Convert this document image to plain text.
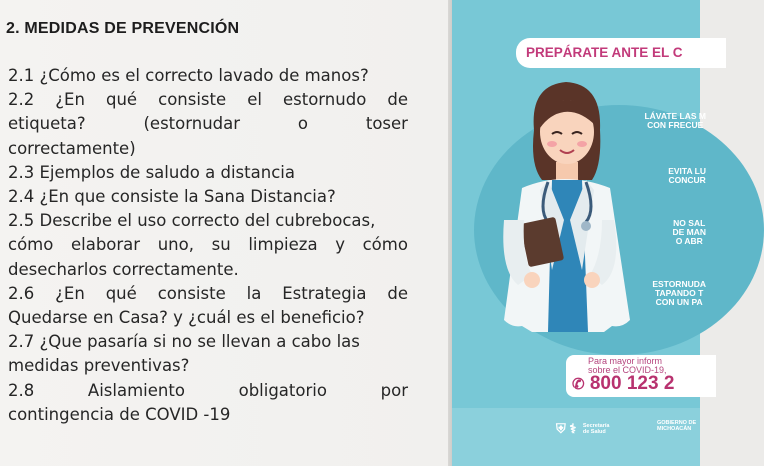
2. MEDIDAS DE PREVENCIÓN
2.1 ¿Cómo es el correcto lavado de manos?
2.2 ¿En qué consiste el estornudo de
etiqueta?	(estornudar	o	toser
correctamente)
2.3 Ejemplos de saludo a distancia
2.4 ¿En que consiste la Sana Distancia?
2.5 Describe el uso correcto del cubrebocas,
cómo elaborar uno, su limpieza y cómo
desecharlos correctamente.
2.6 ¿En qué consiste la Estrategia de
Quedarse en Casa? y ¿cuál es el beneficio?
2.7 ¿Que pasaría si no se llevan a cabo las
medidas preventivas?
2.8	Aislamiento	obligatorio	por
contingencia de COVID -19
PREPÁRATE ANTE EL C
LÁVATE LAS M
CON FRECUE
EVITA LU
CONCUR
NO SAL
DE MAN
O ABR
ESTORNUDA
TAPANDO T
CON UN PA
Para mayor inform
sobre el COVID-19,
✆ 800 123 2
⛨ ⚕ Secretaría
de Salud
GOBIERNO DE
MICHOACÁN
